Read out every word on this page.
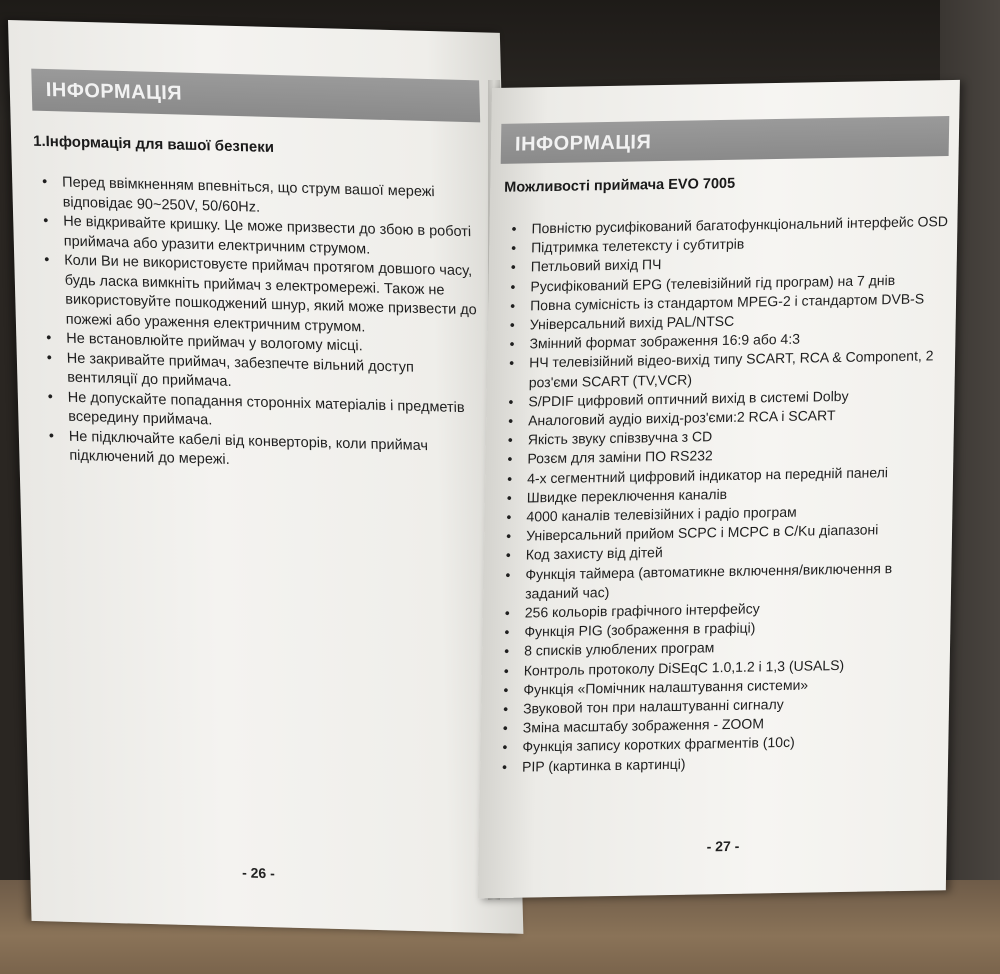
ІНФОРМАЦІЯ
1.Інформація для вашої безпеки
• Перед ввімкненням впевніться, що струм вашої мережі відповідає 90~250V, 50/60Hz.
• Не відкривайте кришку. Це може призвести до збою в роботі приймача або уразити електричним струмом.
• Коли Ви не використовуєте приймач протягом довшого часу, будь ласка вимкніть приймач з електромережі. Також не використовуйте пошкоджений шнур, який може призвести до пожежі або ураження електричним струмом.
• Не встановлюйте приймач у вологому місці.
• Не закривайте приймач, забезпечте вільний доступ вентиляції до приймача.
• Не допускайте попадання сторонніх матеріалів і предметів всередину приймача.
• Не підключайте кабелі від конверторів, коли приймач підключений до мережі.
- 26 -
ІНФОРМАЦІЯ
Можливості приймача EVO 7005
• Повністю русифікований багатофункціональний інтерфейс OSD
• Підтримка телетексту і субтитрів
• Петльовий вихід ПЧ
• Русифікований EPG (телевізійний гід програм) на 7 днів
• Повна сумісність із стандартом MPEG-2 і стандартом DVB-S
• Універсальний вихід PAL/NTSC
• Змінний формат зображення 16:9 або 4:3
• НЧ телевізійний відео-вихід типу SCART, RCA & Component, 2 роз'єми SCART (TV,VCR)
• S/PDIF цифровий оптичний вихід в системі Dolby
• Аналоговий аудіо вихід-роз'єми:2 RCA і SCART
• Якість звуку співзвучна з CD
• Розєм для заміни ПО RS232
• 4-х сегментний цифровий індикатор на передній панелі
• Швидке переключення каналів
• 4000 каналів телевізійних і радіо програм
• Універсальний прийом SCPC і MCPC в C/Ku діапазоні
• Код захисту від дітей
• Функція таймера (автоматикне включення/виключення в заданий час)
• 256 кольорів графічного інтерфейсу
• Функція PIG (зображення в графіці)
• 8 списків улюблених програм
• Контроль протоколу DiSEqC 1.0,1.2 і 1,3 (USALS)
• Функція «Помічник налаштування системи»
• Звуковой тон при налаштуванні сигналу
• Зміна масштабу зображення - ZOOM
• Функція запису коротких фрагментів (10с)
• PIP (картинка в картинці)
- 27 -
